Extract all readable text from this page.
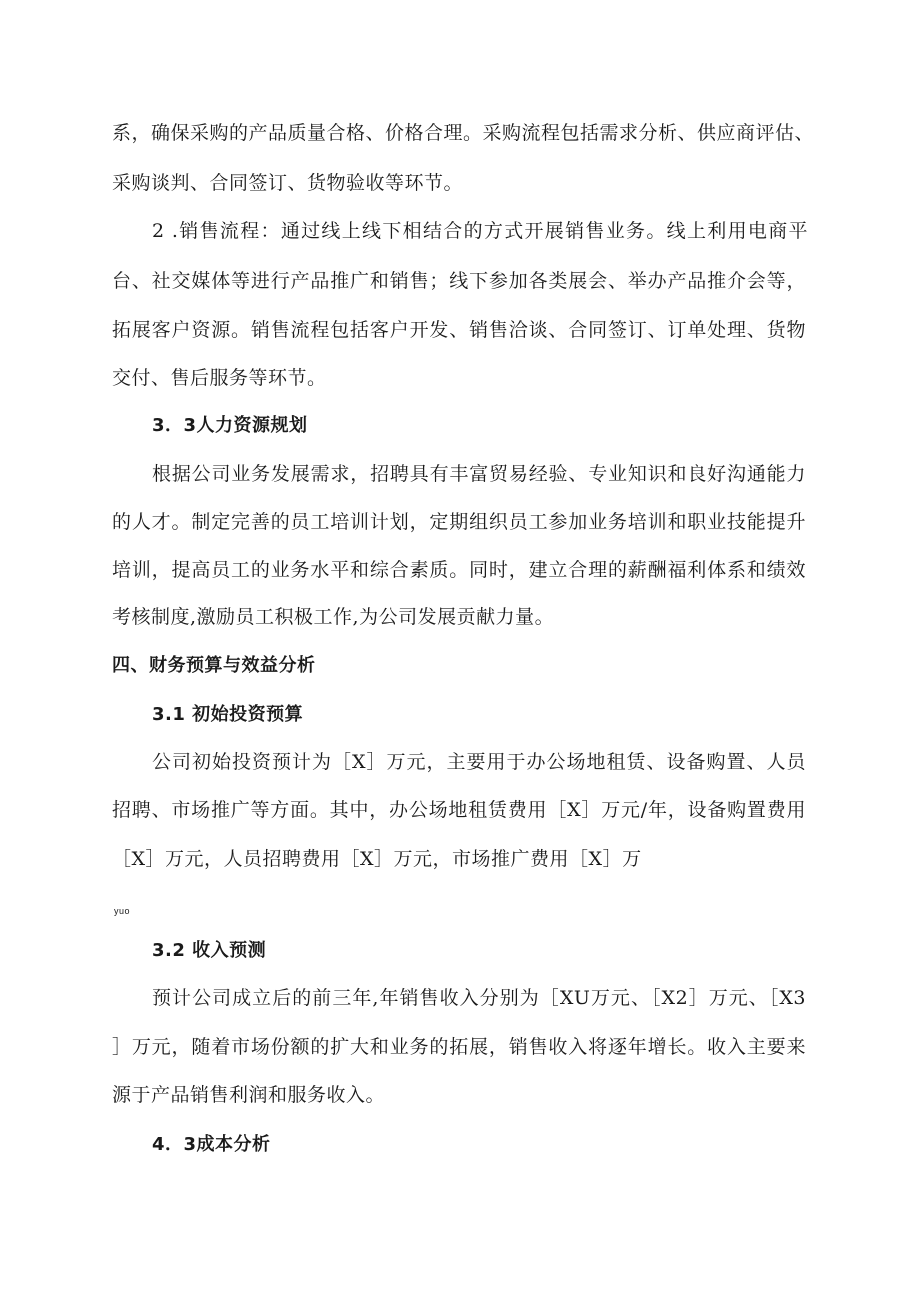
系，确保采购的产品质量合格、价格合理。采购流程包括需求分析、供应商评估、
采购谈判、合同签订、货物验收等环节。
2 .销售流程：通过线上线下相结合的方式开展销售业务。线上利用电商平
台、社交媒体等进行产品推广和销售；线下参加各类展会、举办产品推介会等，
拓展客户资源。销售流程包括客户开发、销售洽谈、合同签订、订单处理、货物
交付、售后服务等环节。
3．3人力资源规划
根据公司业务发展需求，招聘具有丰富贸易经验、专业知识和良好沟通能力
的人才。制定完善的员工培训计划，定期组织员工参加业务培训和职业技能提升
培训，提高员工的业务水平和综合素质。同时，建立合理的薪酬福利体系和绩效
考核制度,激励员工积极工作,为公司发展贡献力量。
四、财务预算与效益分析
3.1 初始投资预算
公司初始投资预计为［X］万元，主要用于办公场地租赁、设备购置、人员
招聘、市场推广等方面。其中，办公场地租赁费用［X］万元/年，设备购置费用
［X］万元，人员招聘费用［X］万元，市场推广费用［X］万
yuo
3.2 收入预测
预计公司成立后的前三年,年销售收入分别为［XU万元、［X2］万元、［X3
］万元，随着市场份额的扩大和业务的拓展，销售收入将逐年增长。收入主要来
源于产品销售利润和服务收入。
4．3成本分析
